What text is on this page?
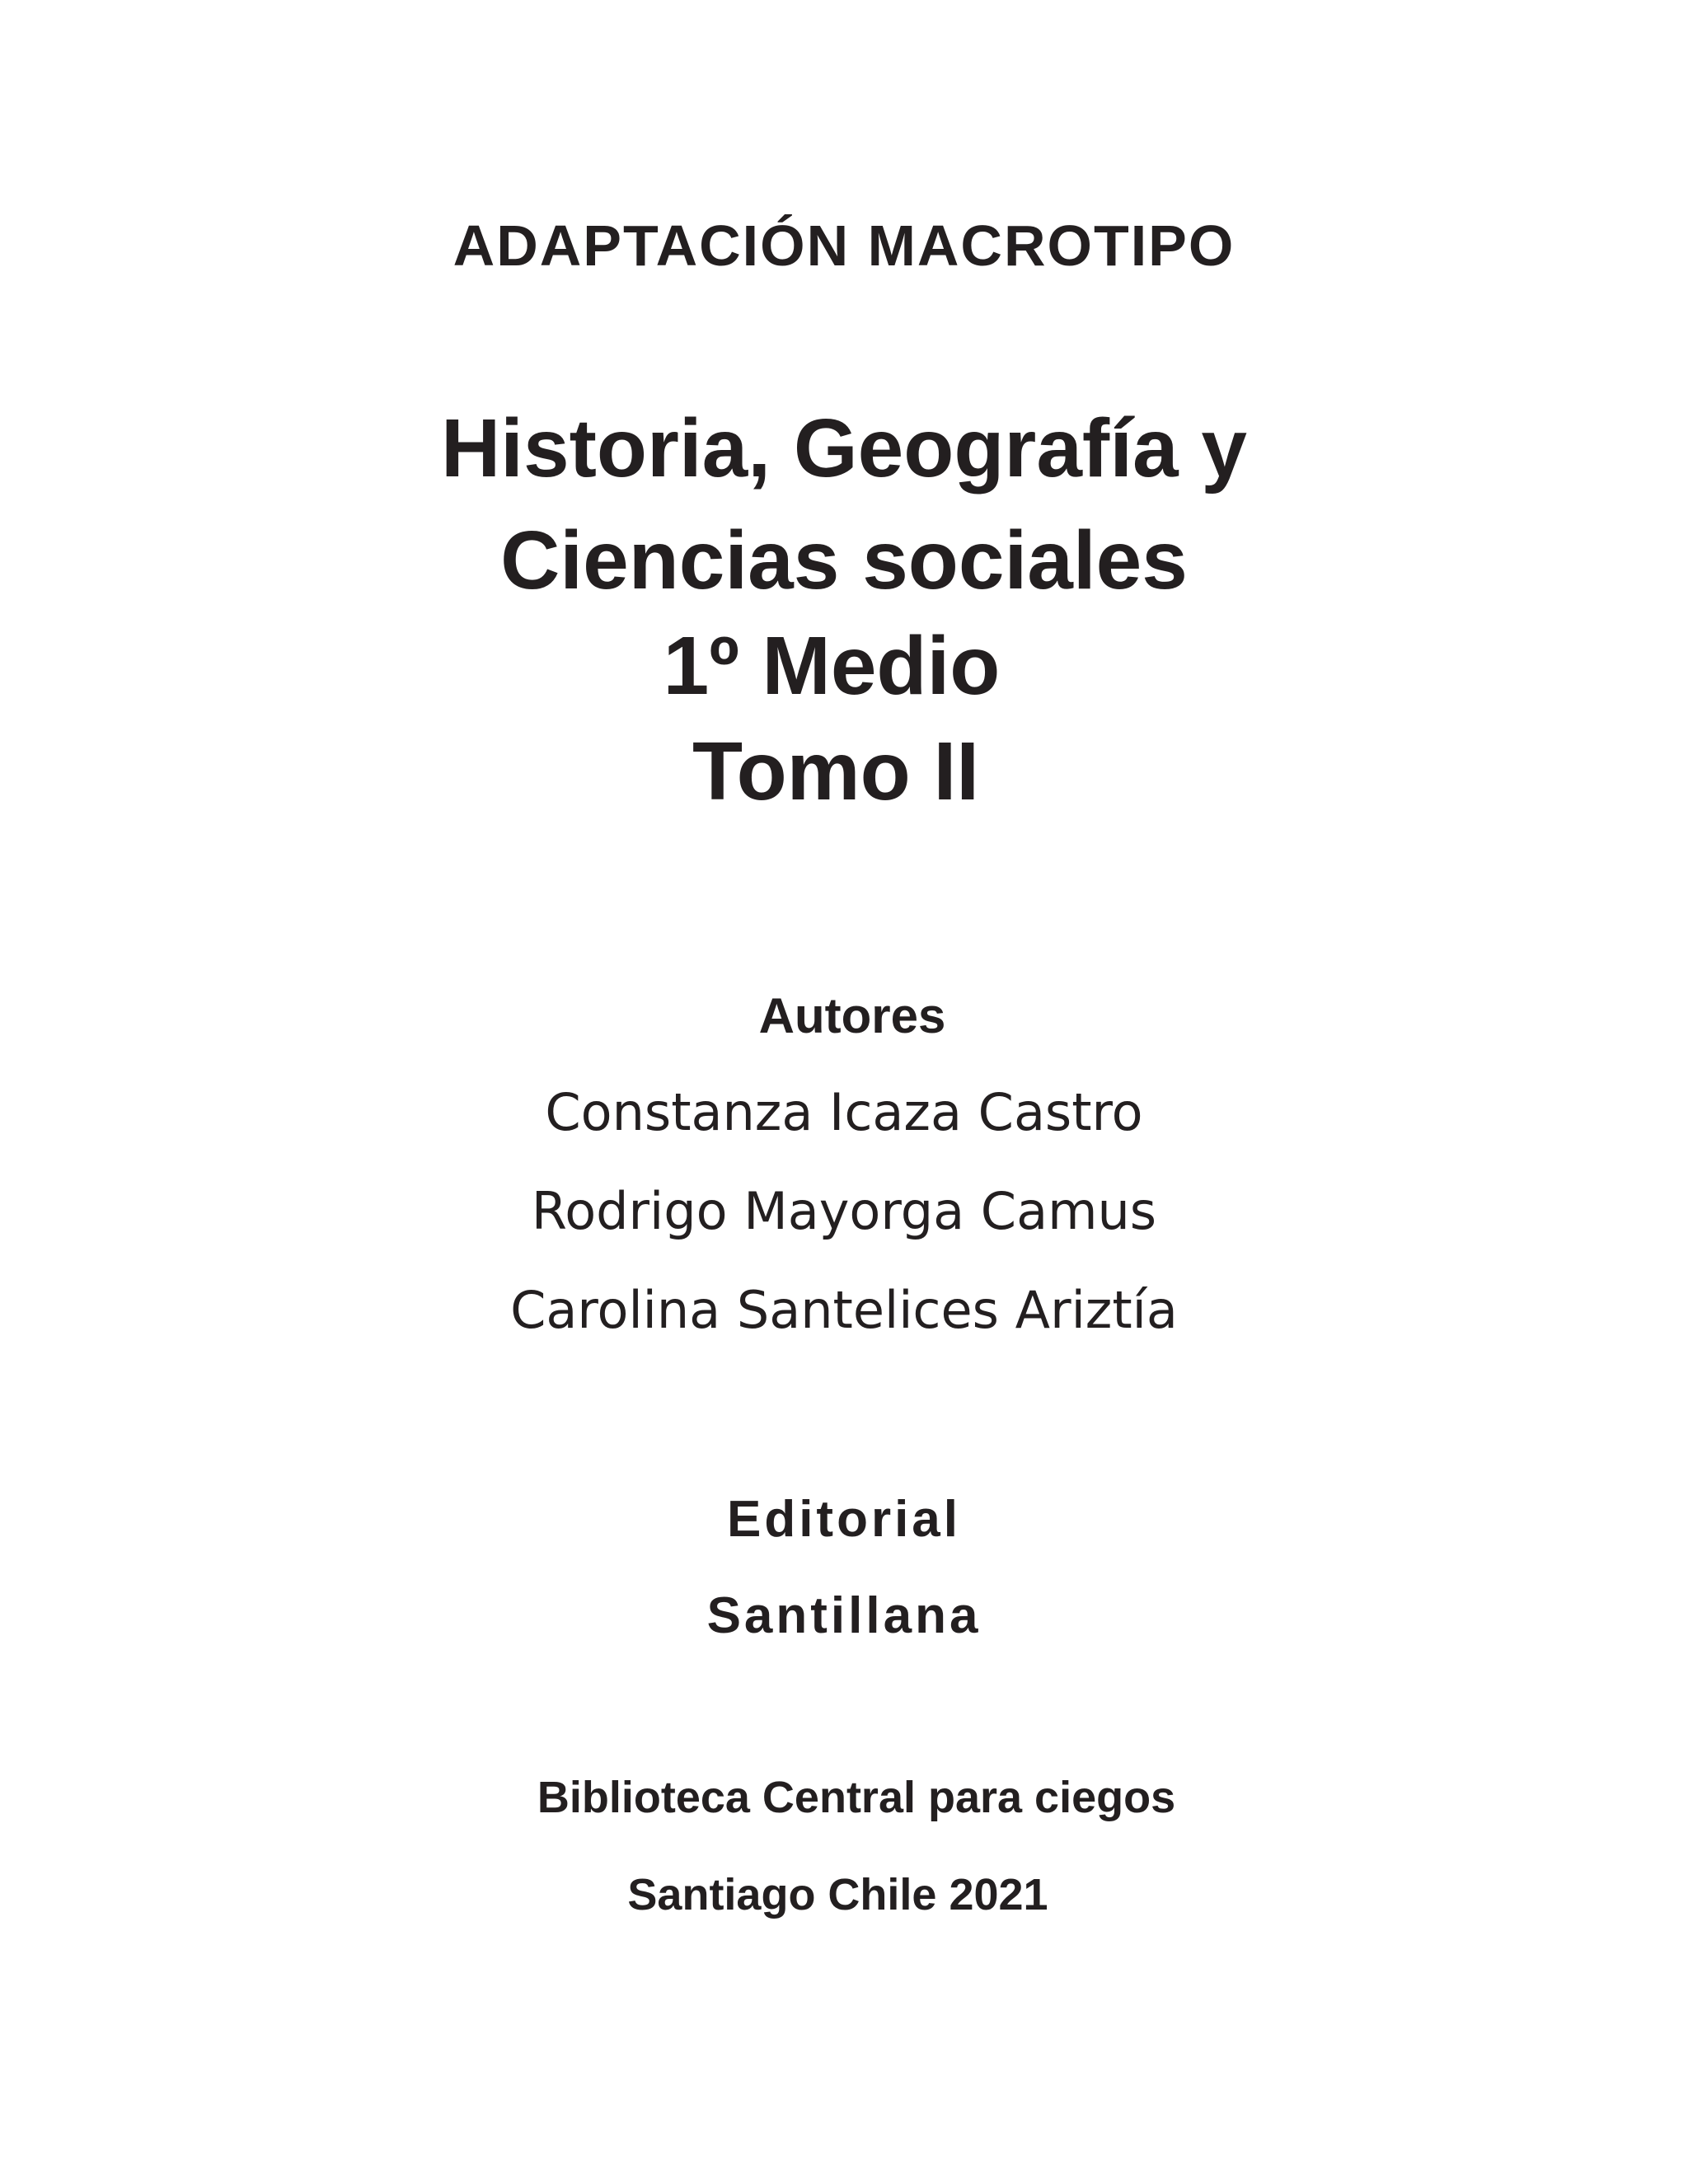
ADAPTACIÓN MACROTIPO
Historia, Geografía y
Ciencias sociales
1º Medio
Tomo II
Autores
Constanza Icaza Castro
Rodrigo Mayorga Camus
Carolina Santelices Ariztía
Editorial
Santillana
Biblioteca Central para ciegos
Santiago Chile 2021
